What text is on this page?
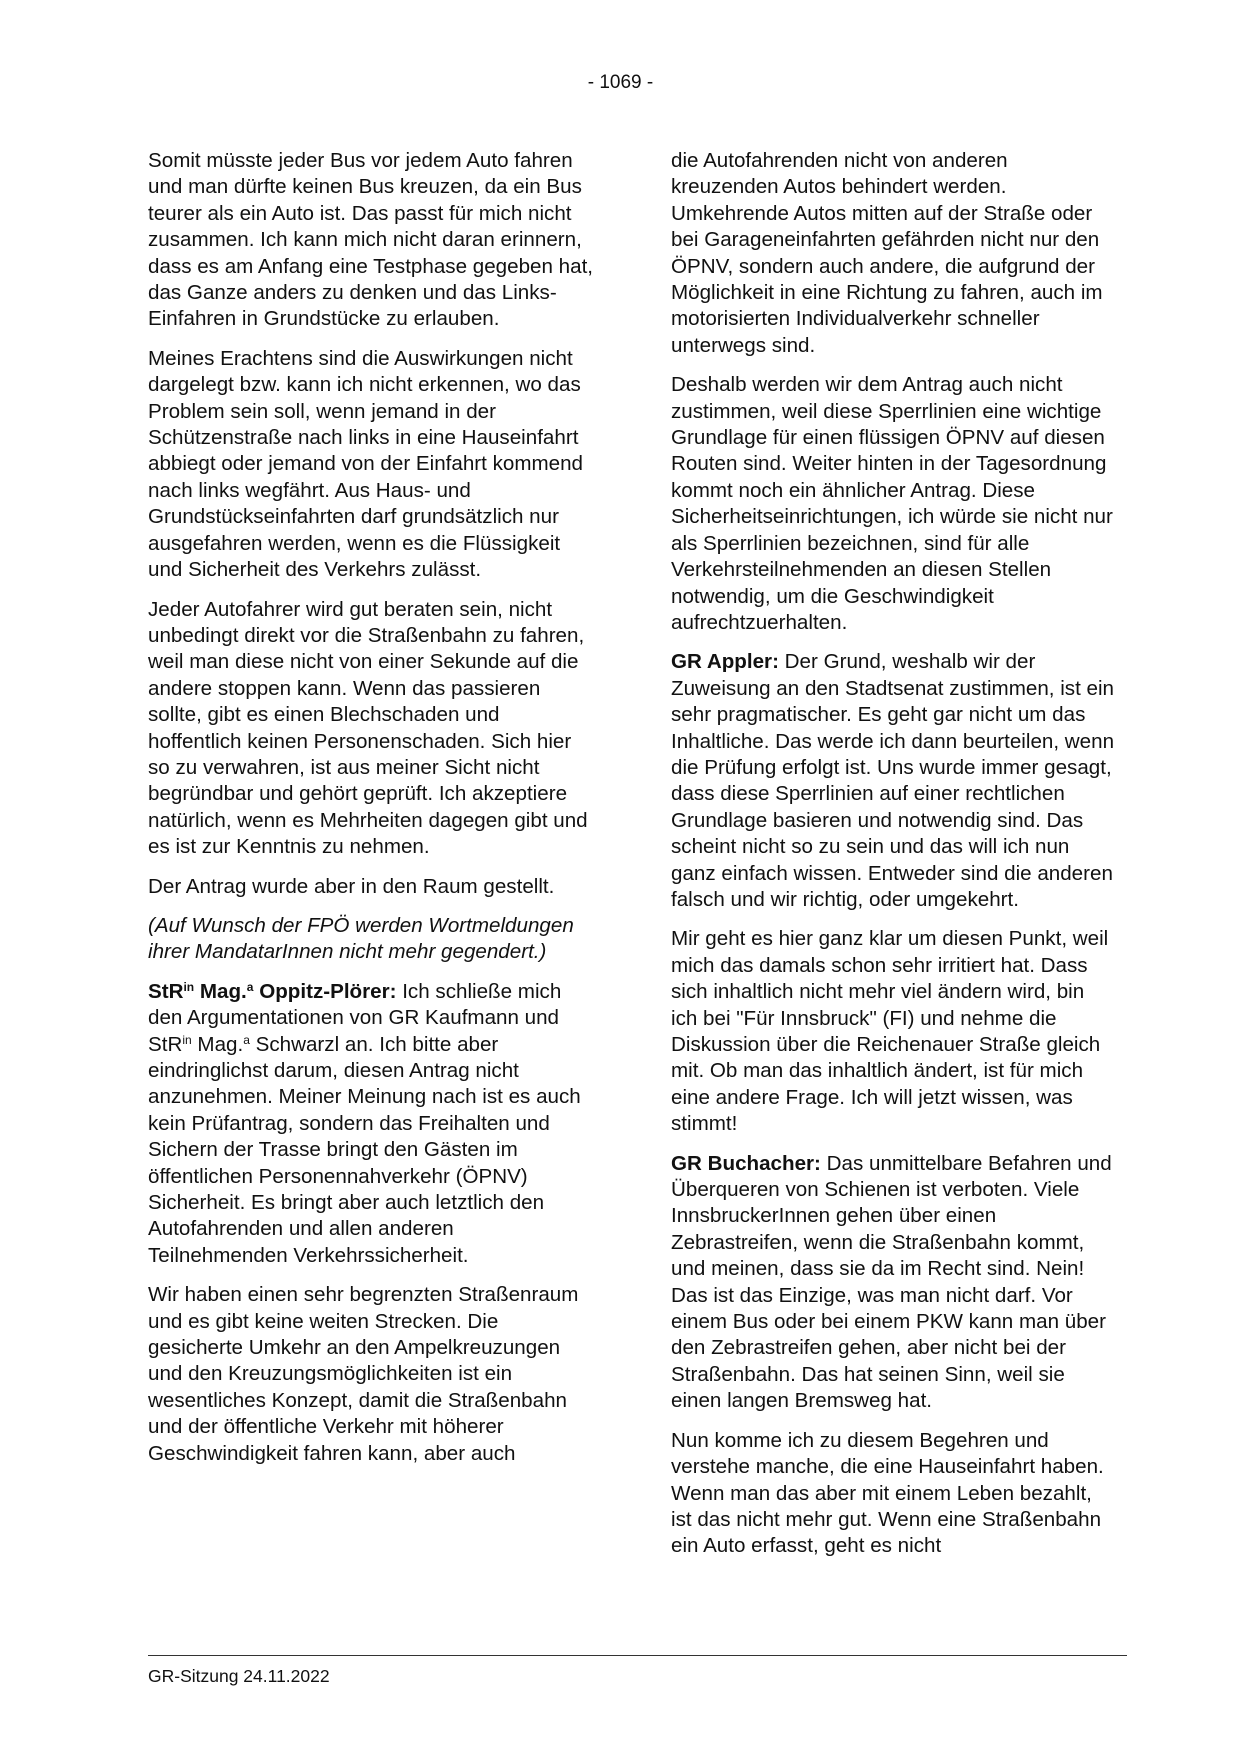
- 1069 -

Somit müsste jeder Bus vor jedem Auto fahren und man dürfte keinen Bus kreuzen, da ein Bus teurer als ein Auto ist. Das passt für mich nicht zusammen. Ich kann mich nicht daran erinnern, dass es am Anfang eine Testphase gegeben hat, das Ganze anders zu denken und das Links-Einfahren in Grundstücke zu erlauben.

Meines Erachtens sind die Auswirkungen nicht dargelegt bzw. kann ich nicht erkennen, wo das Problem sein soll, wenn jemand in der Schützenstraße nach links in eine Hauseinfahrt abbiegt oder jemand von der Einfahrt kommend nach links wegfährt. Aus Haus- und Grundstückseinfahrten darf grundsätzlich nur ausgefahren werden, wenn es die Flüssigkeit und Sicherheit des Verkehrs zulässt.

Jeder Autofahrer wird gut beraten sein, nicht unbedingt direkt vor die Straßenbahn zu fahren, weil man diese nicht von einer Sekunde auf die andere stoppen kann. Wenn das passieren sollte, gibt es einen Blechschaden und hoffentlich keinen Personenschaden. Sich hier so zu verwahren, ist aus meiner Sicht nicht begründbar und gehört geprüft. Ich akzeptiere natürlich, wenn es Mehrheiten dagegen gibt und es ist zur Kenntnis zu nehmen.

Der Antrag wurde aber in den Raum gestellt.

(Auf Wunsch der FPÖ werden Wortmeldungen ihrer MandatarInnen nicht mehr gegendert.)

StR$^{in}$ Mag.$^a$ Oppitz-Plörer: Ich schließe mich den Argumentationen von GR Kaufmann und StR$^{in}$ Mag.$^a$ Schwarzl an. Ich bitte aber eindringlichst darum, diesen Antrag nicht anzunehmen. Meiner Meinung nach ist es auch kein Prüfantrag, sondern das Freihalten und Sichern der Trasse bringt den Gästen im öffentlichen Personennahverkehr (ÖPNV) Sicherheit. Es bringt aber auch letztlich den Autofahrenden und allen anderen Teilnehmenden Verkehrssicherheit.

Wir haben einen sehr begrenzten Straßenraum und es gibt keine weiten Strecken. Die gesicherte Umkehr an den Ampelkreuzungen und den Kreuzungsmöglichkeiten ist ein wesentliches Konzept, damit die Straßenbahn und der öffentliche Verkehr mit höherer Geschwindigkeit fahren kann, aber auch

die Autofahrenden nicht von anderen kreuzenden Autos behindert werden. Umkehrende Autos mitten auf der Straße oder bei Garageneinfahrten gefährden nicht nur den ÖPNV, sondern auch andere, die aufgrund der Möglichkeit in eine Richtung zu fahren, auch im motorisierten Individualverkehr schneller unterwegs sind.

Deshalb werden wir dem Antrag auch nicht zustimmen, weil diese Sperrlinien eine wichtige Grundlage für einen flüssigen ÖPNV auf diesen Routen sind. Weiter hinten in der Tagesordnung kommt noch ein ähnlicher Antrag. Diese Sicherheitseinrichtungen, ich würde sie nicht nur als Sperrlinien bezeichnen, sind für alle Verkehrsteilnehmenden an diesen Stellen notwendig, um die Geschwindigkeit aufrechtzuerhalten.

GR Appler: Der Grund, weshalb wir der Zuweisung an den Stadtsenat zustimmen, ist ein sehr pragmatischer. Es geht gar nicht um das Inhaltliche. Das werde ich dann beurteilen, wenn die Prüfung erfolgt ist. Uns wurde immer gesagt, dass diese Sperrlinien auf einer rechtlichen Grundlage basieren und notwendig sind. Das scheint nicht so zu sein und das will ich nun ganz einfach wissen. Entweder sind die anderen falsch und wir richtig, oder umgekehrt.

Mir geht es hier ganz klar um diesen Punkt, weil mich das damals schon sehr irritiert hat. Dass sich inhaltlich nicht mehr viel ändern wird, bin ich bei "Für Innsbruck" (FI) und nehme die Diskussion über die Reichenauer Straße gleich mit. Ob man das inhaltlich ändert, ist für mich eine andere Frage. Ich will jetzt wissen, was stimmt!

GR Buchacher: Das unmittelbare Befahren und Überqueren von Schienen ist verboten. Viele InnsbruckerInnen gehen über einen Zebrastreifen, wenn die Straßenbahn kommt, und meinen, dass sie da im Recht sind. Nein! Das ist das Einzige, was man nicht darf. Vor einem Bus oder bei einem PKW kann man über den Zebrastreifen gehen, aber nicht bei der Straßenbahn. Das hat seinen Sinn, weil sie einen langen Bremsweg hat.

Nun komme ich zu diesem Begehren und verstehe manche, die eine Hauseinfahrt haben. Wenn man das aber mit einem Leben bezahlt, ist das nicht mehr gut. Wenn eine Straßenbahn ein Auto erfasst, geht es nicht

GR-Sitzung 24.11.2022
